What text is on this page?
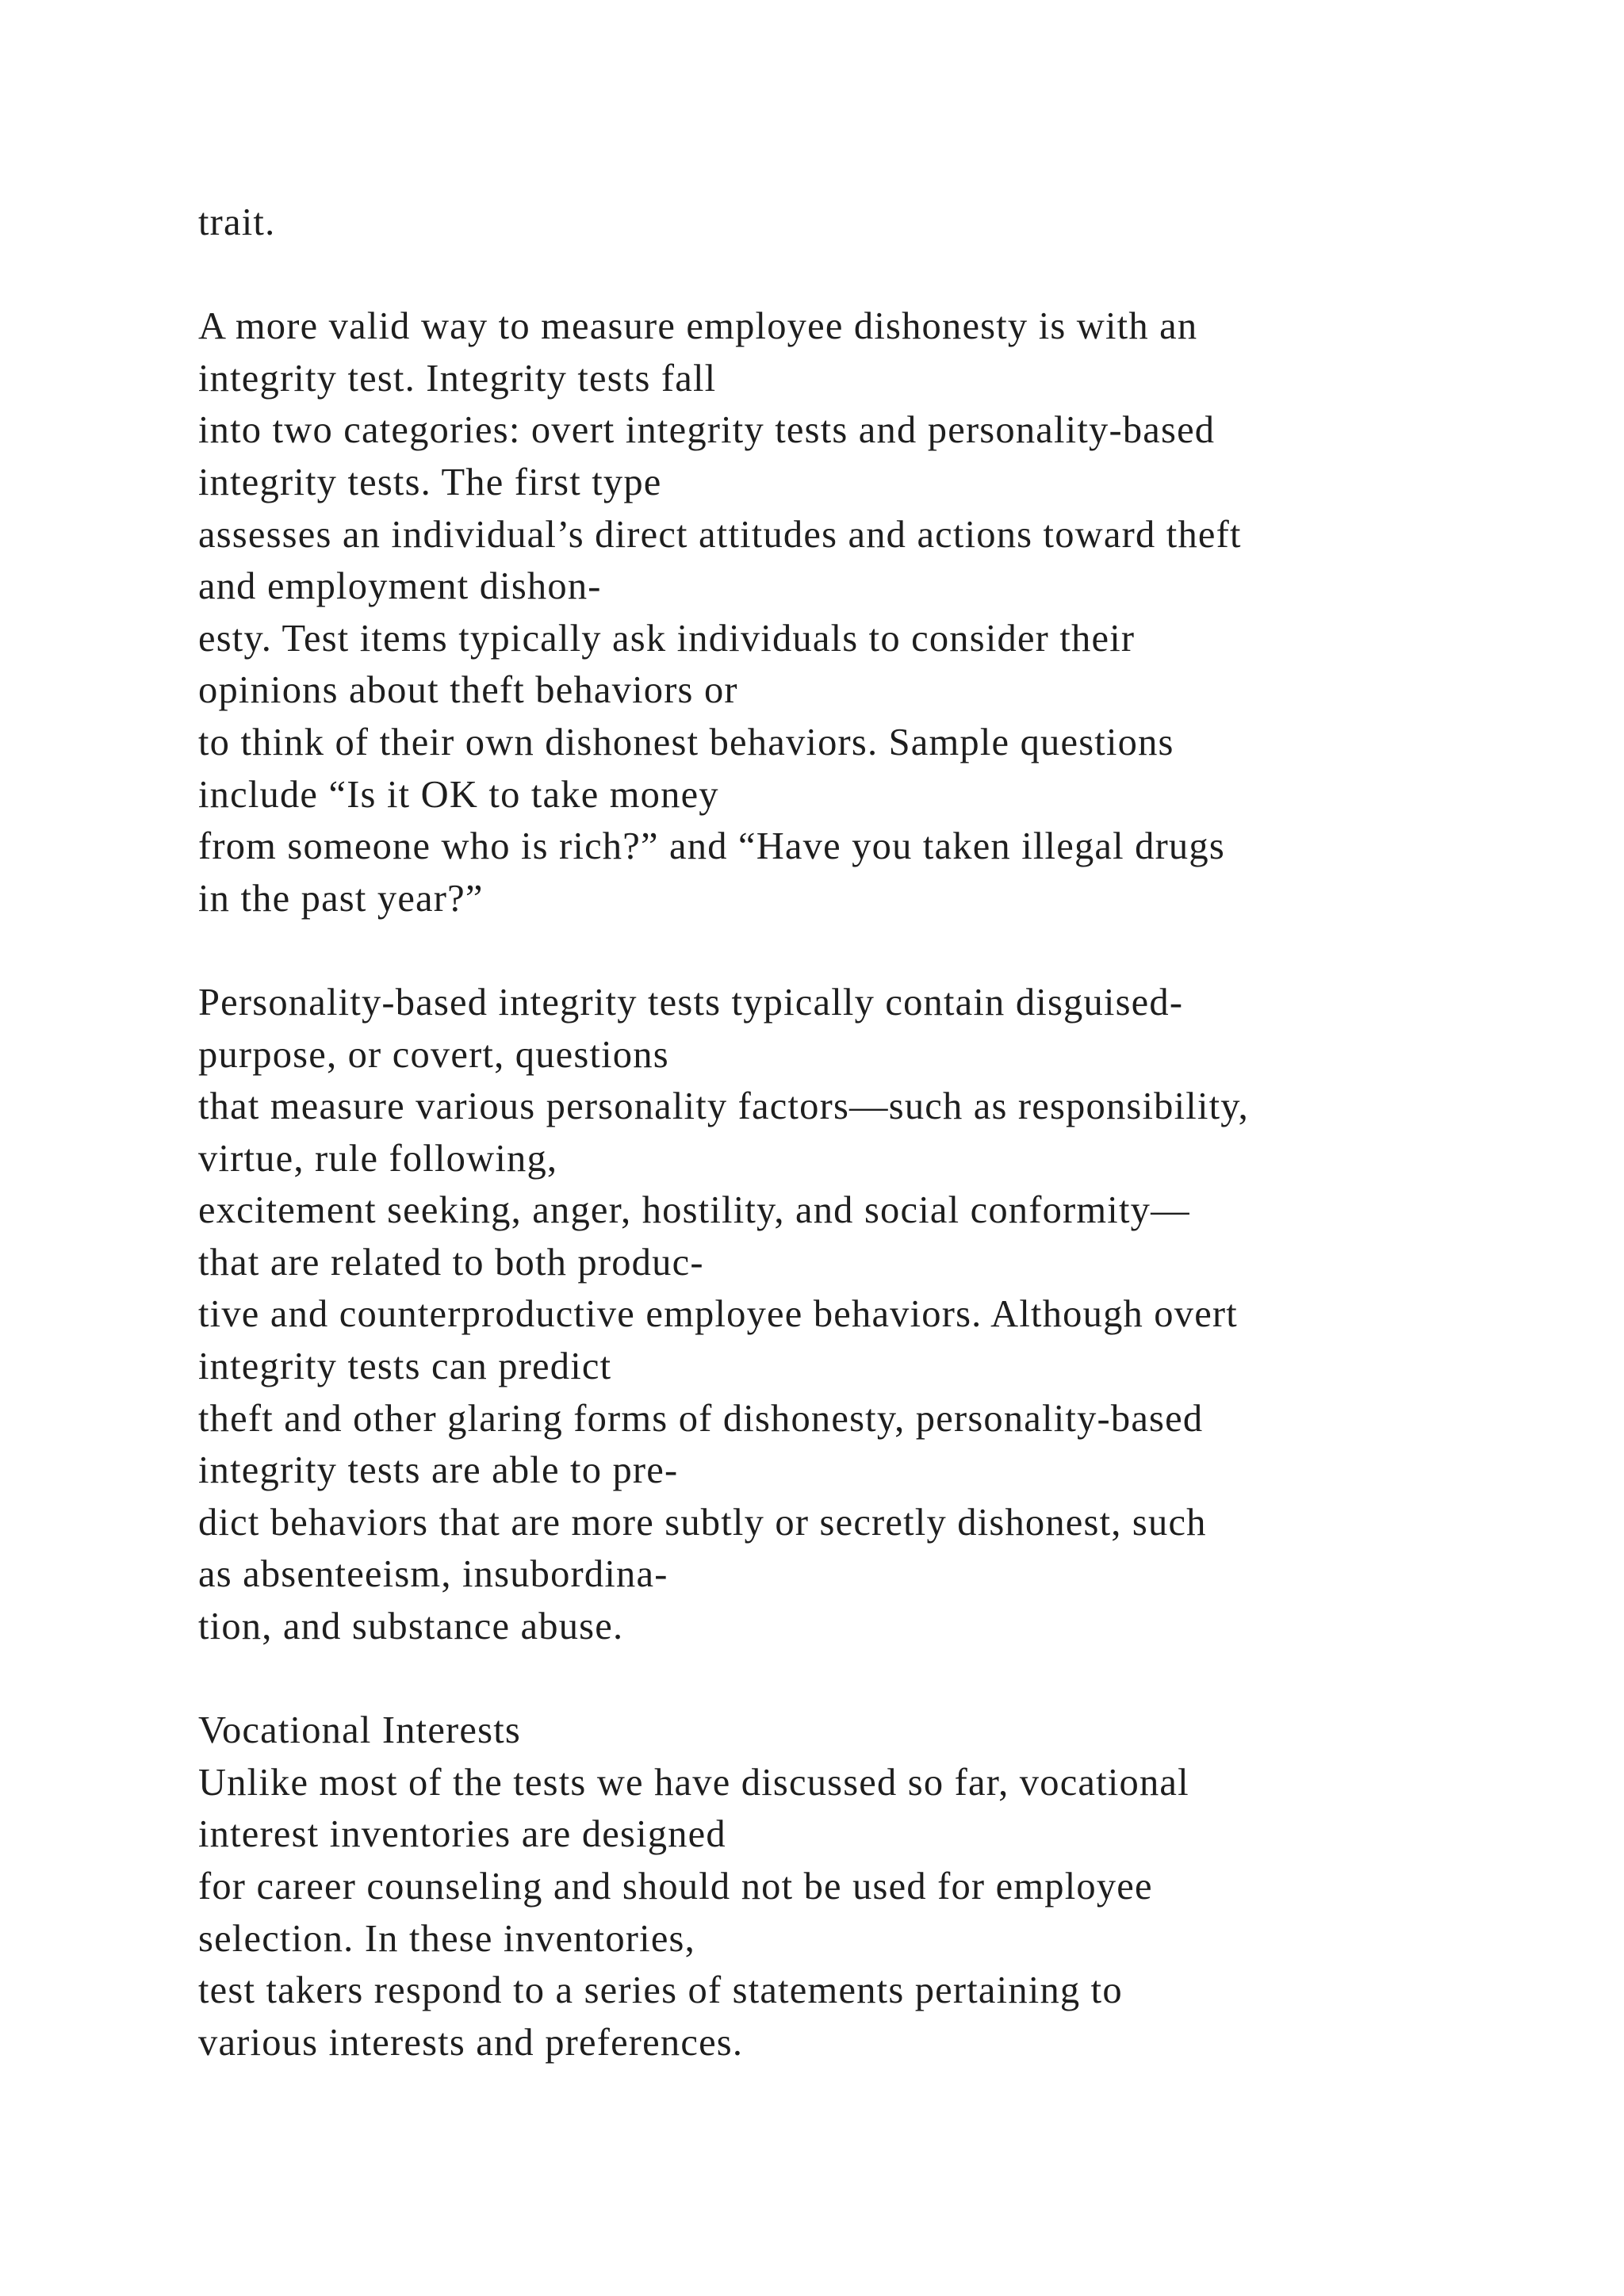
trait.
A more valid way to measure employee dishonesty is with an
integrity test. Integrity tests fall
into two categories: overt integrity tests and personality-based
integrity tests. The first type
assesses an individual’s direct attitudes and actions toward theft
and employment dishon-
esty. Test items typically ask individuals to consider their
opinions about theft behaviors or
to think of their own dishonest behaviors. Sample questions
include “Is it OK to take money
from someone who is rich?” and “Have you taken illegal drugs
in the past year?”
Personality-based integrity tests typically contain disguised-
purpose, or covert, questions
that measure various personality factors—such as responsibility,
virtue, rule following,
excitement seeking, anger, hostility, and social conformity—
that are related to both produc-
tive and counterproductive employee behaviors. Although overt
integrity tests can predict
theft and other glaring forms of dishonesty, personality-based
integrity tests are able to pre-
dict behaviors that are more subtly or secretly dishonest, such
as absenteeism, insubordina-
tion, and substance abuse.
Vocational Interests
Unlike most of the tests we have discussed so far, vocational
interest inventories are designed
for career counseling and should not be used for employee
selection. In these inventories,
test takers respond to a series of statements pertaining to
various interests and preferences.
